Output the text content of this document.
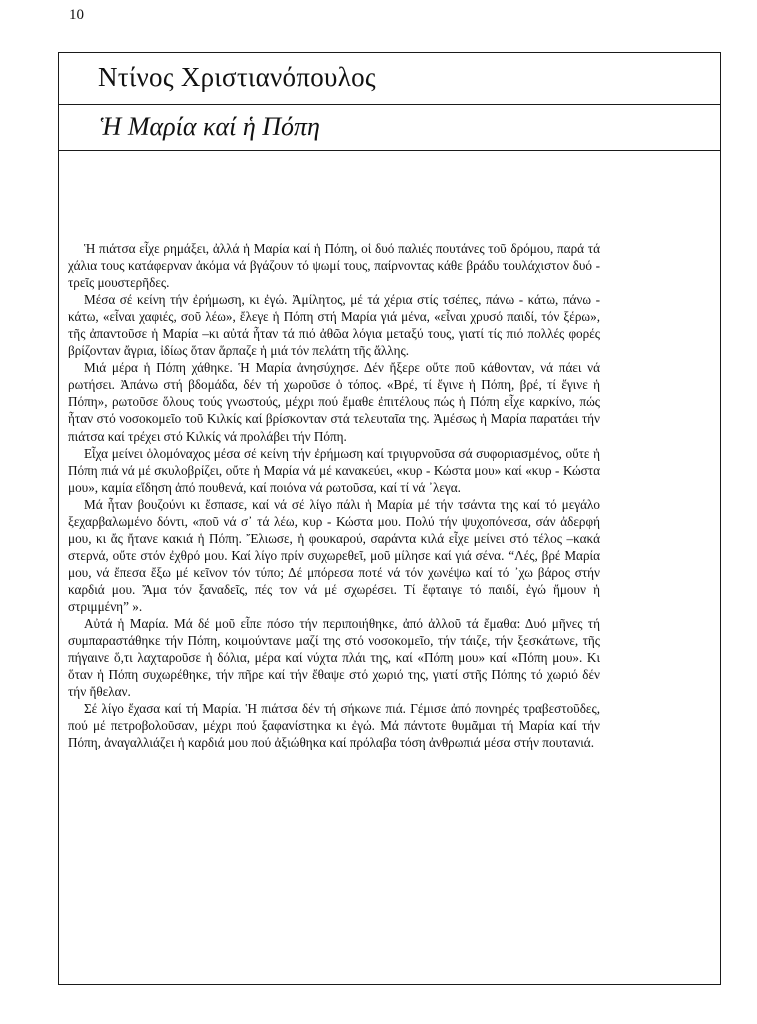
10
Ντίνος Χριστιανόπουλος
Ἡ Μαρία καί ἡ Πόπη

Ἡ πιάτσα εἶχε ρημάξει, ἀλλά ἡ Μαρία καί ἡ Πόπη, οἱ δυό παλιές πουτάνες τοῦ δρόμου, παρά τά χάλια τους κατάφερναν ἀκόμα νά βγάζουν τό ψωμί τους, παίρνοντας κάθε βράδυ τουλάχιστον δυό - τρεῖς μουστερῆδες.

Μέσα σέ κείνη τήν ἐρήμωση, κι ἐγώ. Ἀμίλητος, μέ τά χέρια στίς τσέπες, πάνω - κάτω, πάνω - κάτω, «εἶναι χαφιές, σοῦ λέω», ἔλεγε ἡ Πόπη στή Μαρία γιά μένα, «εἶναι χρυσό παιδί, τόν ξέρω», τῆς ἀπαντοῦσε ἡ Μαρία –κι αὐτά ἦταν τά πιό ἀθῶα λόγια μεταξύ τους, γιατί τίς πιό πολλές φορές βρίζονταν ἄγρια, ἰδίως ὅταν ἅρπαζε ἡ μιά τόν πελάτη τῆς ἄλλης.

Μιά μέρα ἡ Πόπη χάθηκε. Ἡ Μαρία ἀνησύχησε. Δέν ἤξερε οὔτε ποῦ κάθονταν, νά πάει νά ρωτήσει. Ἀπάνω στή βδομάδα, δέν τή χωροῦσε ὁ τόπος. «Βρέ, τί ἔγινε ἡ Πόπη, βρέ, τί ἔγινε ἡ Πόπη», ρωτοῦσε ὅλους τούς γνωστούς, μέχρι πού ἔμαθε ἐπιτέλους πώς ἡ Πόπη εἶχε καρκίνο, πώς ἦταν στό νοσοκομεῖο τοῦ Κιλκίς καί βρίσκονταν στά τελευταῖα της. Ἀμέσως ἡ Μαρία παρατάει τήν πιάτσα καί τρέχει στό Κιλκίς νά προλάβει τήν Πόπη.

Εἶχα μείνει ὁλομόναχος μέσα σέ κείνη τήν ἐρήμωση καί τριγυρνοῦσα σά συφοριασμένος, οὔτε ἡ Πόπη πιά νά μέ σκυλοβρίζει, οὔτε ἡ Μαρία νά μέ κανακεύει, «κυρ - Κώστα μου» καί «κυρ - Κώστα μου», καμία εἴδηση ἀπό πουθενά, καί ποιόνα νά ρωτοῦσα, καί τί νά ᾽λεγα.

Μά ἦταν βουζούνι κι ἔσπασε, καί νά σέ λίγο πάλι ἡ Μαρία μέ τήν τσάντα της καί τό μεγάλο ξεχαρβαλωμένο δόντι, «ποῦ νά σ᾽ τά λέω, κυρ - Κώστα μου. Πολύ τήν ψυχοπόνεσα, σάν ἀδερφή μου, κι ἄς ἤτανε κακιά ἡ Πόπη. Ἔλιωσε, ἡ φουκαρού, σαράντα κιλά εἶχε μείνει στό τέλος –κακά στερνά, οὔτε στόν ἐχθρό μου. Καί λίγο πρίν συχωρεθεῖ, μοῦ μίλησε καί γιά σένα. “Λές, βρέ Μαρία μου, νά ἔπεσα ἔξω μέ κεῖνον τόν τύπο; Δέ μπόρεσα ποτέ νά τόν χωνέψω καί τό ᾽χω βάρος στήν καρδιά μου. Ἄμα τόν ξαναδεῖς, πές τον νά μέ σχωρέσει. Τί ἔφταιγε τό παιδί, ἐγώ ἤμουν ἡ στριμμένη” ».

Αὐτά ἡ Μαρία. Μά δέ μοῦ εἶπε πόσο τήν περιποιήθηκε, ἀπό ἀλλοῦ τά ἔμαθα: Δυό μῆνες τή συμπαραστάθηκε τήν Πόπη, κοιμούντανε μαζί της στό νοσοκομεῖο, τήν τάιζε, τήν ξεσκάτωνε, τῆς πήγαινε ὅ,τι λαχταροῦσε ἡ δόλια, μέρα καί νύχτα πλάι της, καί «Πόπη μου» καί «Πόπη μου». Κι ὅταν ἡ Πόπη συχωρέθηκε, τήν πῆρε καί τήν ἔθαψε στό χωριό της, γιατί στῆς Πόπης τό χωριό δέν τήν ἤθελαν.

Σέ λίγο ἔχασα καί τή Μαρία. Ἡ πιάτσα δέν τή σήκωνε πιά. Γέμισε ἀπό πονηρές τραβεστοῦδες, πού μέ πετροβολοῦσαν, μέχρι πού ξαφανίστηκα κι ἐγώ. Μά πάντοτε θυμᾶμαι τή Μαρία καί τήν Πόπη, ἀναγαλλιάζει ἡ καρδιά μου πού ἀξιώθηκα καί πρόλαβα τόση ἀνθρωπιά μέσα στήν πουτανιά.
